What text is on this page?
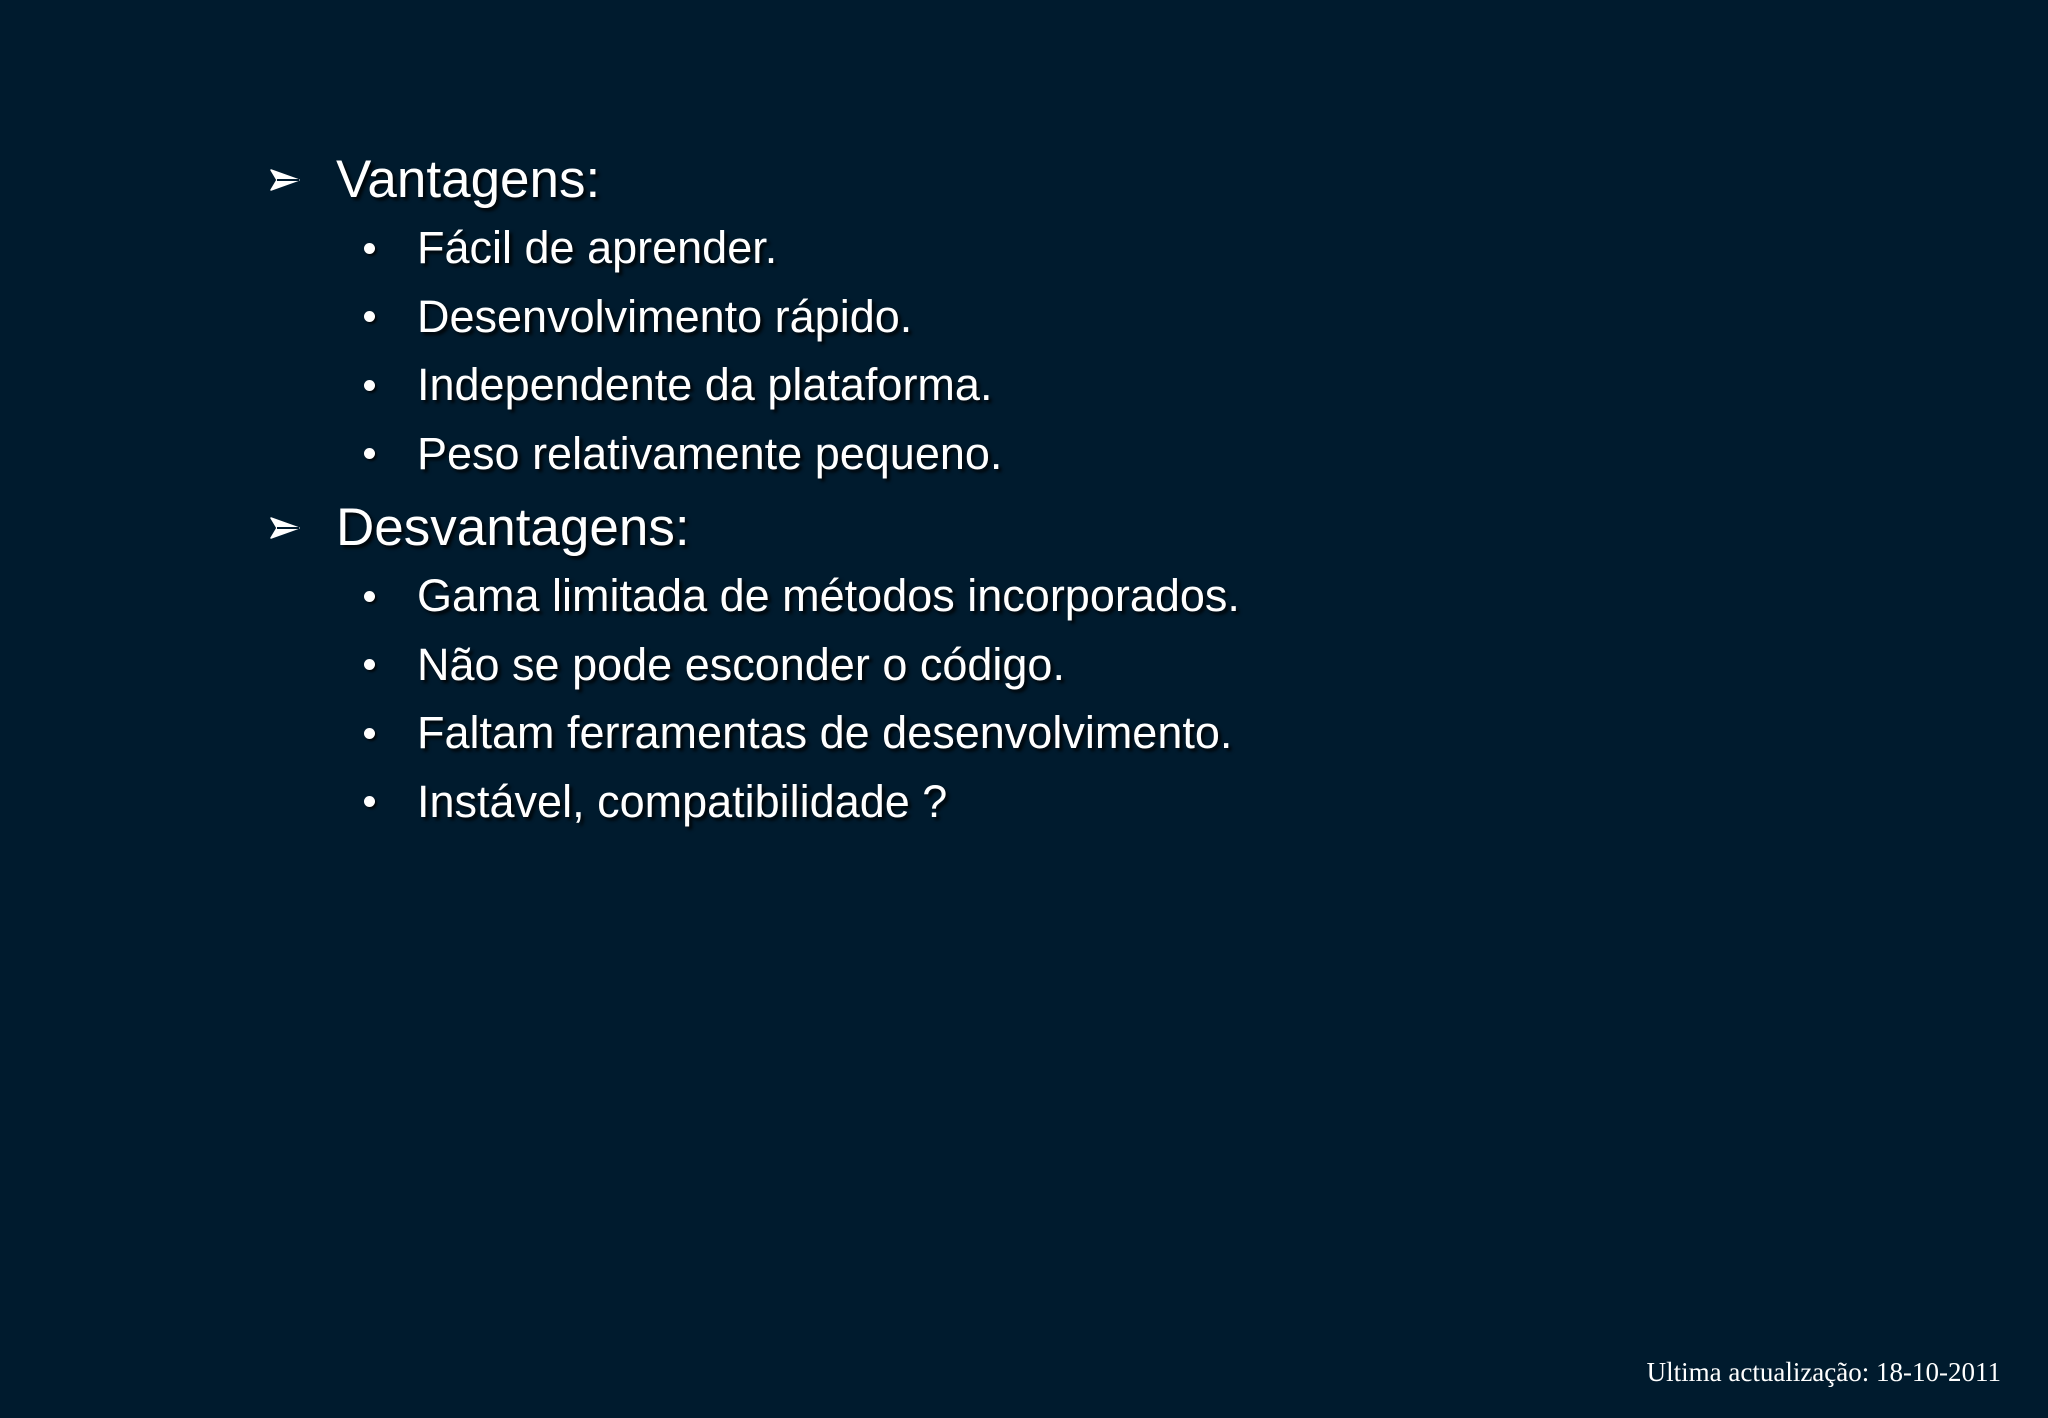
Vantagens:
Fácil de aprender.
Desenvolvimento rápido.
Independente da plataforma.
Peso relativamente pequeno.
Desvantagens:
Gama limitada de métodos incorporados.
Não se pode esconder o código.
Faltam ferramentas de desenvolvimento.
Instável, compatibilidade ?
Ultima actualização: 18-10-2011
